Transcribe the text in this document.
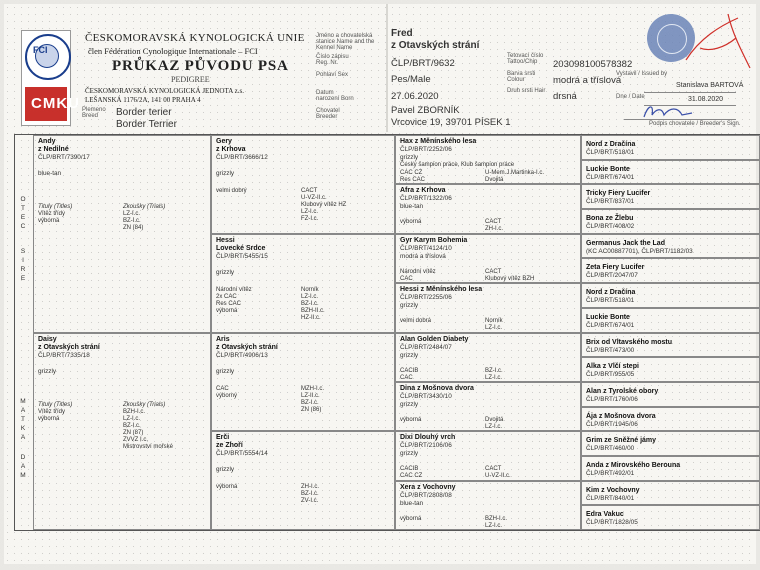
FCI
CMKU
ČESKOMORAVSKÁ KYNOLOGICKÁ UNIE
člen Fédération Cynologique Internationale – FCI
PRŮKAZ PŮVODU PSA
PEDIGREE
ČESKOMORAVSKÁ KYNOLOGICKÁ JEDNOTA z.s.
LEŠANSKÁ 1176/2A, 141 00 PRAHA 4
Plemeno Breed	Border terier
Border Terrier
Jméno a chovatelská stanice Name and the Kennel Name
Číslo zápisu Reg. Nr.
Pohlaví Sex
Datum narození Born
Chovatel Breeder
Fred
z Otavských strání
ČLP/BRT/9632
Pes/Male
27.06.2020
Pavel ZBORNÍK
Vrcovice 19, 39701 PÍSEK 1
Tetovací číslo Tattoo/Chip	203098100578382
Barva srsti Colour	modrá a tříslová
Druh srsti Hair drsná
Vystavil / Issued by
Stanislava BARTOVÁ
Dne / Date	31.08.2020
Podpis chovatele / Breeder's Sign.
O
T
E
C
S
I
R
E
M
A
T
K
A
D
A
M
Andy
z Nedilné
ČLP/BRT/7390/17
blue-tan
Tituly (Titles)
Vítěz třídy
výborná
Zkoušky (Trials)
LZ-I.c.
BZ-I.c.
ZN (84)
Daisy
z Otavských strání
ČLP/BRT/7335/18
grizzly
Tituly (Titles)
Vítěz třídy
výborná
Zkoušky (Trials)
BZH-I.c.
LZ-I.c.
BZ-I.c.
ZN (87)
ZVVZ I.c.
Mistrovství mořské
Gery
z Krhova
ČLP/BRT/3666/12
grizzly
velmi dobrý	CACT
U-VZ-II.c.
Klubový vítěz HZ
LZ-I.c.
FZ-I.c.
Hessi
Lovecké Srdce
ČLP/BRT/5455/15
grizzly
Národní vítěz
2x CAC
Res CAC
výborná
Norník
LZ-I.c.
BZ-I.c.
BZH-II.c.
HZ-II.c.
Aris
z Otavských strání
ČLP/BRT/4906/13
grizzly
CAC
výborný
MZH-I.c.
LZ-II.c.
BZ-I.c.
ZN (86)
Erči
ze Zhoří
ČLP/BRT/5554/14
grizzly
výborná	ZH-I.c.
BZ-I.c.
ZV-I.c.
Hax z Měnínského lesa
ČLP/BRT/2252/06
grizzly
Český šampion práce, Klub šampion práce
CAC CZ
Res CAC
U-Mem.J.Martinka-I.c.
Dvojitá
Afra z Krhova
ČLP/BRT/1322/06
blue-tan
výborná	CACT
ZH-I.c.
Gyr Karym Bohemia
ČLP/BRT/4124/10
modrá a tříslová
Národní vítěz
CAC
CACT
Klubový vítěz BZH
Hessi z Měnínského lesa
ČLP/BRT/2255/06
grizzly
velmi dobrá	Norník
LZ-I.c.
Alan Golden Diabety
ČLP/BRT/2484/07
grizzly
CACIB
CAC
BZ-I.c.
LZ-I.c.
Dina z Mošnova dvora
ČLP/BRT/3430/10
grizzly
výborná	Dvojitá
LZ-I.c.
Dixi Dlouhý vrch
ČLP/BRT/2106/06
grizzly
CACIB
CAC CZ
CACT
U-VZ-II.c.
Xera z Vochovny
ČLP/BRT/2808/08
blue-tan
výborná	BZH-I.c.
LZ-I.c.
Nord z Dračína
ČLP/BRT/518/01
Luckie Bonte
ČLP/BRT/674/01
Tricky Fiery Lucifer
ČLP/BRT/837/01
Bona ze Žlebu
ČLP/BRT/408/02
Germanus Jack the Lad
(KC AC00887701), ČLP/BRT/1182/03
Zeta Fiery Lucifer
ČLP/BRT/2047/07
Nord z Dračína
ČLP/BRT/518/01
Luckie Bonte
ČLP/BRT/674/01
Brix od Vltavského mostu
ČLP/BRT/473/00
Alka z Vlčí stepi
ČLP/BRT/955/05
Alan z Tyrolské obory
ČLP/BRT/1760/06
Ája z Mošnova dvora
ČLP/BRT/1945/06
Grim ze Sněžné jámy
ČLP/BRT/460/00
Anda z Mirovského Berouna
ČLP/BRT/492/01
Kim z Vochovny
ČLP/BRT/840/01
Edra Vakuc
ČLP/BRT/1828/05
